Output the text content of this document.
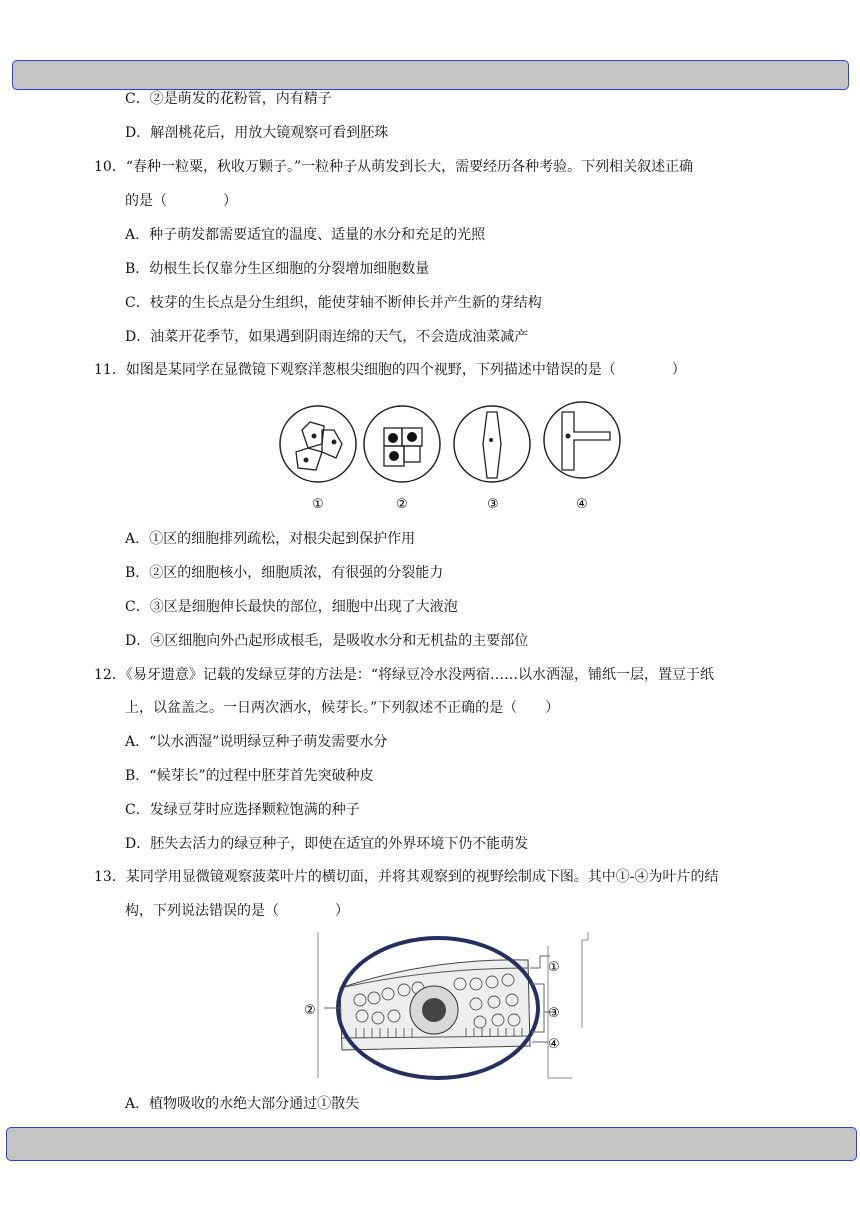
C．②是萌发的花粉管，内有精子
D．解剖桃花后，用放大镜观察可看到胚珠
10．“春种一粒粟，秋收万颗子。”一粒种子从萌发到长大，需要经历各种考验。下列相关叙述正确
的是（　　　　）
A．种子萌发都需要适宜的温度、适量的水分和充足的光照
B．幼根生长仅靠分生区细胞的分裂增加细胞数量
C．枝芽的生长点是分生组织，能使芽轴不断伸长并产生新的芽结构
D．油菜开花季节，如果遇到阴雨连绵的天气，不会造成油菜减产
11．如图是某同学在显微镜下观察洋葱根尖细胞的四个视野，下列描述中错误的是（　　　　）
①	②	③	④
A．①区的细胞排列疏松，对根尖起到保护作用
B．②区的细胞核小，细胞质浓，有很强的分裂能力
C．③区是细胞伸长最快的部位，细胞中出现了大液泡
D．④区细胞向外凸起形成根毛，是吸收水分和无机盐的主要部位
12．《易牙遗意》记载的发绿豆芽的方法是：“将绿豆冷水没两宿……以水洒湿，铺纸一层，置豆于纸
上，以盆盖之。一日两次洒水，候芽长。”下列叙述不正确的是（　　）
A．“以水洒湿”说明绿豆种子萌发需要水分
B．“候芽长”的过程中胚芽首先突破种皮
C．发绿豆芽时应选择颗粒饱满的种子
D．胚失去活力的绿豆种子，即使在适宜的外界环境下仍不能萌发
13．某同学用显微镜观察菠菜叶片的横切面，并将其观察到的视野绘制成下图。其中①-④为叶片的结
构，下列说法错误的是（　　　　）
①
②	③
④
A．植物吸收的水绝大部分通过①散失
